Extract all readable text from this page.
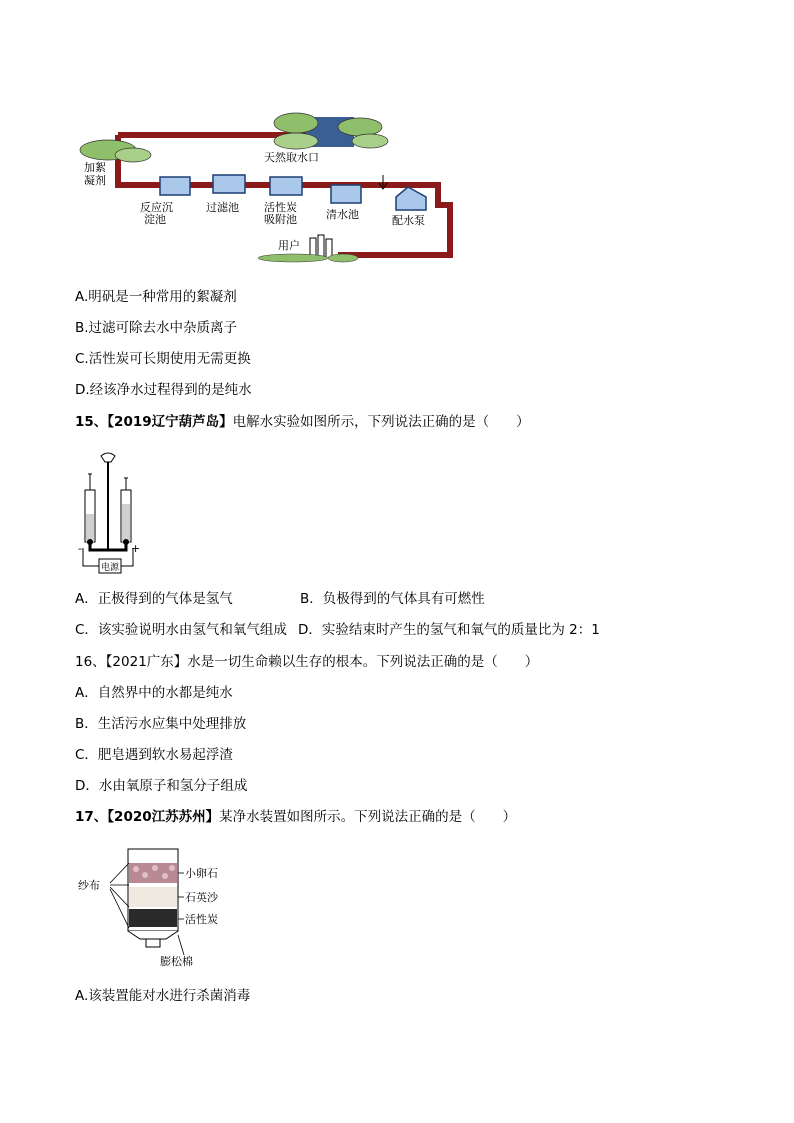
天然取水口
加絮
凝剂
反应沉
淀池
过滤池 活性炭
吸附池	清水池	配水泵
用户
A.明矾是一种常用的絮凝剂
B.过滤可除去水中杂质离子
C.活性炭可长期使用无需更换
D.经该净水过程得到的是纯水
15、【2019辽宁葫芦岛】电解水实验如图所示，下列说法正确的是（　　）
-	+
电源
A．正极得到的气体是氢气	B．负极得到的气体具有可燃性
C．该实验说明水由氢气和氧气组成 D．实验结束时产生的氢气和氧气的质量比为 2：1
16、【2021广东】水是一切生命赖以生存的根本。下列说法正确的是（　　）
A．自然界中的水都是纯水
B．生活污水应集中处理排放
C．肥皂遇到软水易起浮渣
D．水由氧原子和氢分子组成
17、【2020江苏苏州】某净水装置如图所示。下列说法正确的是（　　）
纱布
小卵石
石英沙
活性炭
膨松棉
A.该装置能对水进行杀菌消毒
